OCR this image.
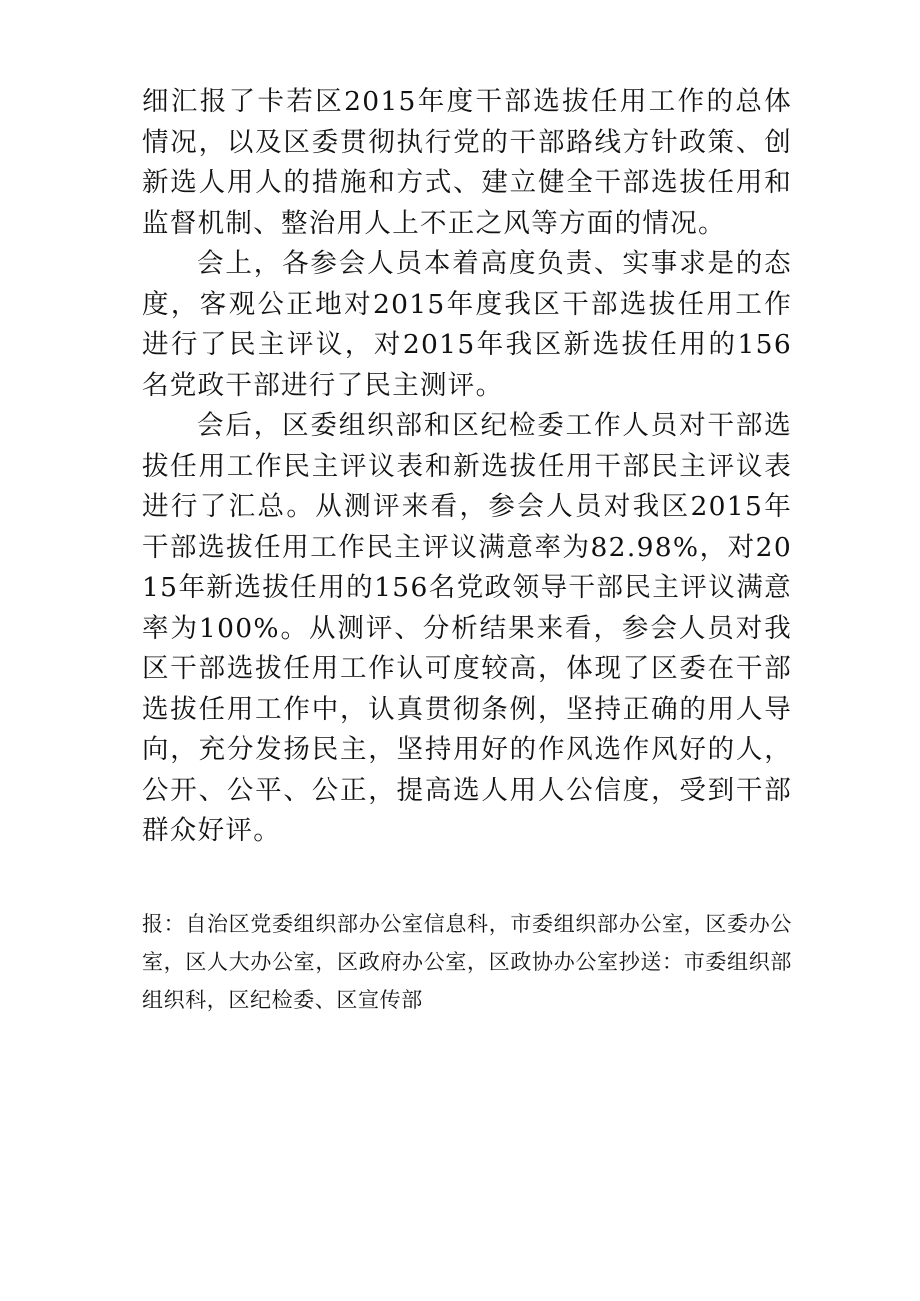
细汇报了卡若区2015年度干部选拔任用工作的总体情况，以及区委贯彻执行党的干部路线方针政策、创新选人用人的措施和方式、建立健全干部选拔任用和监督机制、整治用人上不正之风等方面的情况。

会上，各参会人员本着高度负责、实事求是的态度，客观公正地对2015年度我区干部选拔任用工作进行了民主评议，对2015年我区新选拔任用的156名党政干部进行了民主测评。

会后，区委组织部和区纪检委工作人员对干部选拔任用工作民主评议表和新选拔任用干部民主评议表进行了汇总。从测评来看，参会人员对我区2015年干部选拔任用工作民主评议满意率为82.98%，对2015年新选拔任用的156名党政领导干部民主评议满意率为100%。从测评、分析结果来看，参会人员对我区干部选拔任用工作认可度较高，体现了区委在干部选拔任用工作中，认真贯彻条例，坚持正确的用人导向，充分发扬民主，坚持用好的作风选作风好的人，公开、公平、公正，提高选人用人公信度，受到干部群众好评。

报：自治区党委组织部办公室信息科，市委组织部办公室，区委办公室，区人大办公室，区政府办公室，区政协办公室抄送：市委组织部组织科，区纪检委、区宣传部
